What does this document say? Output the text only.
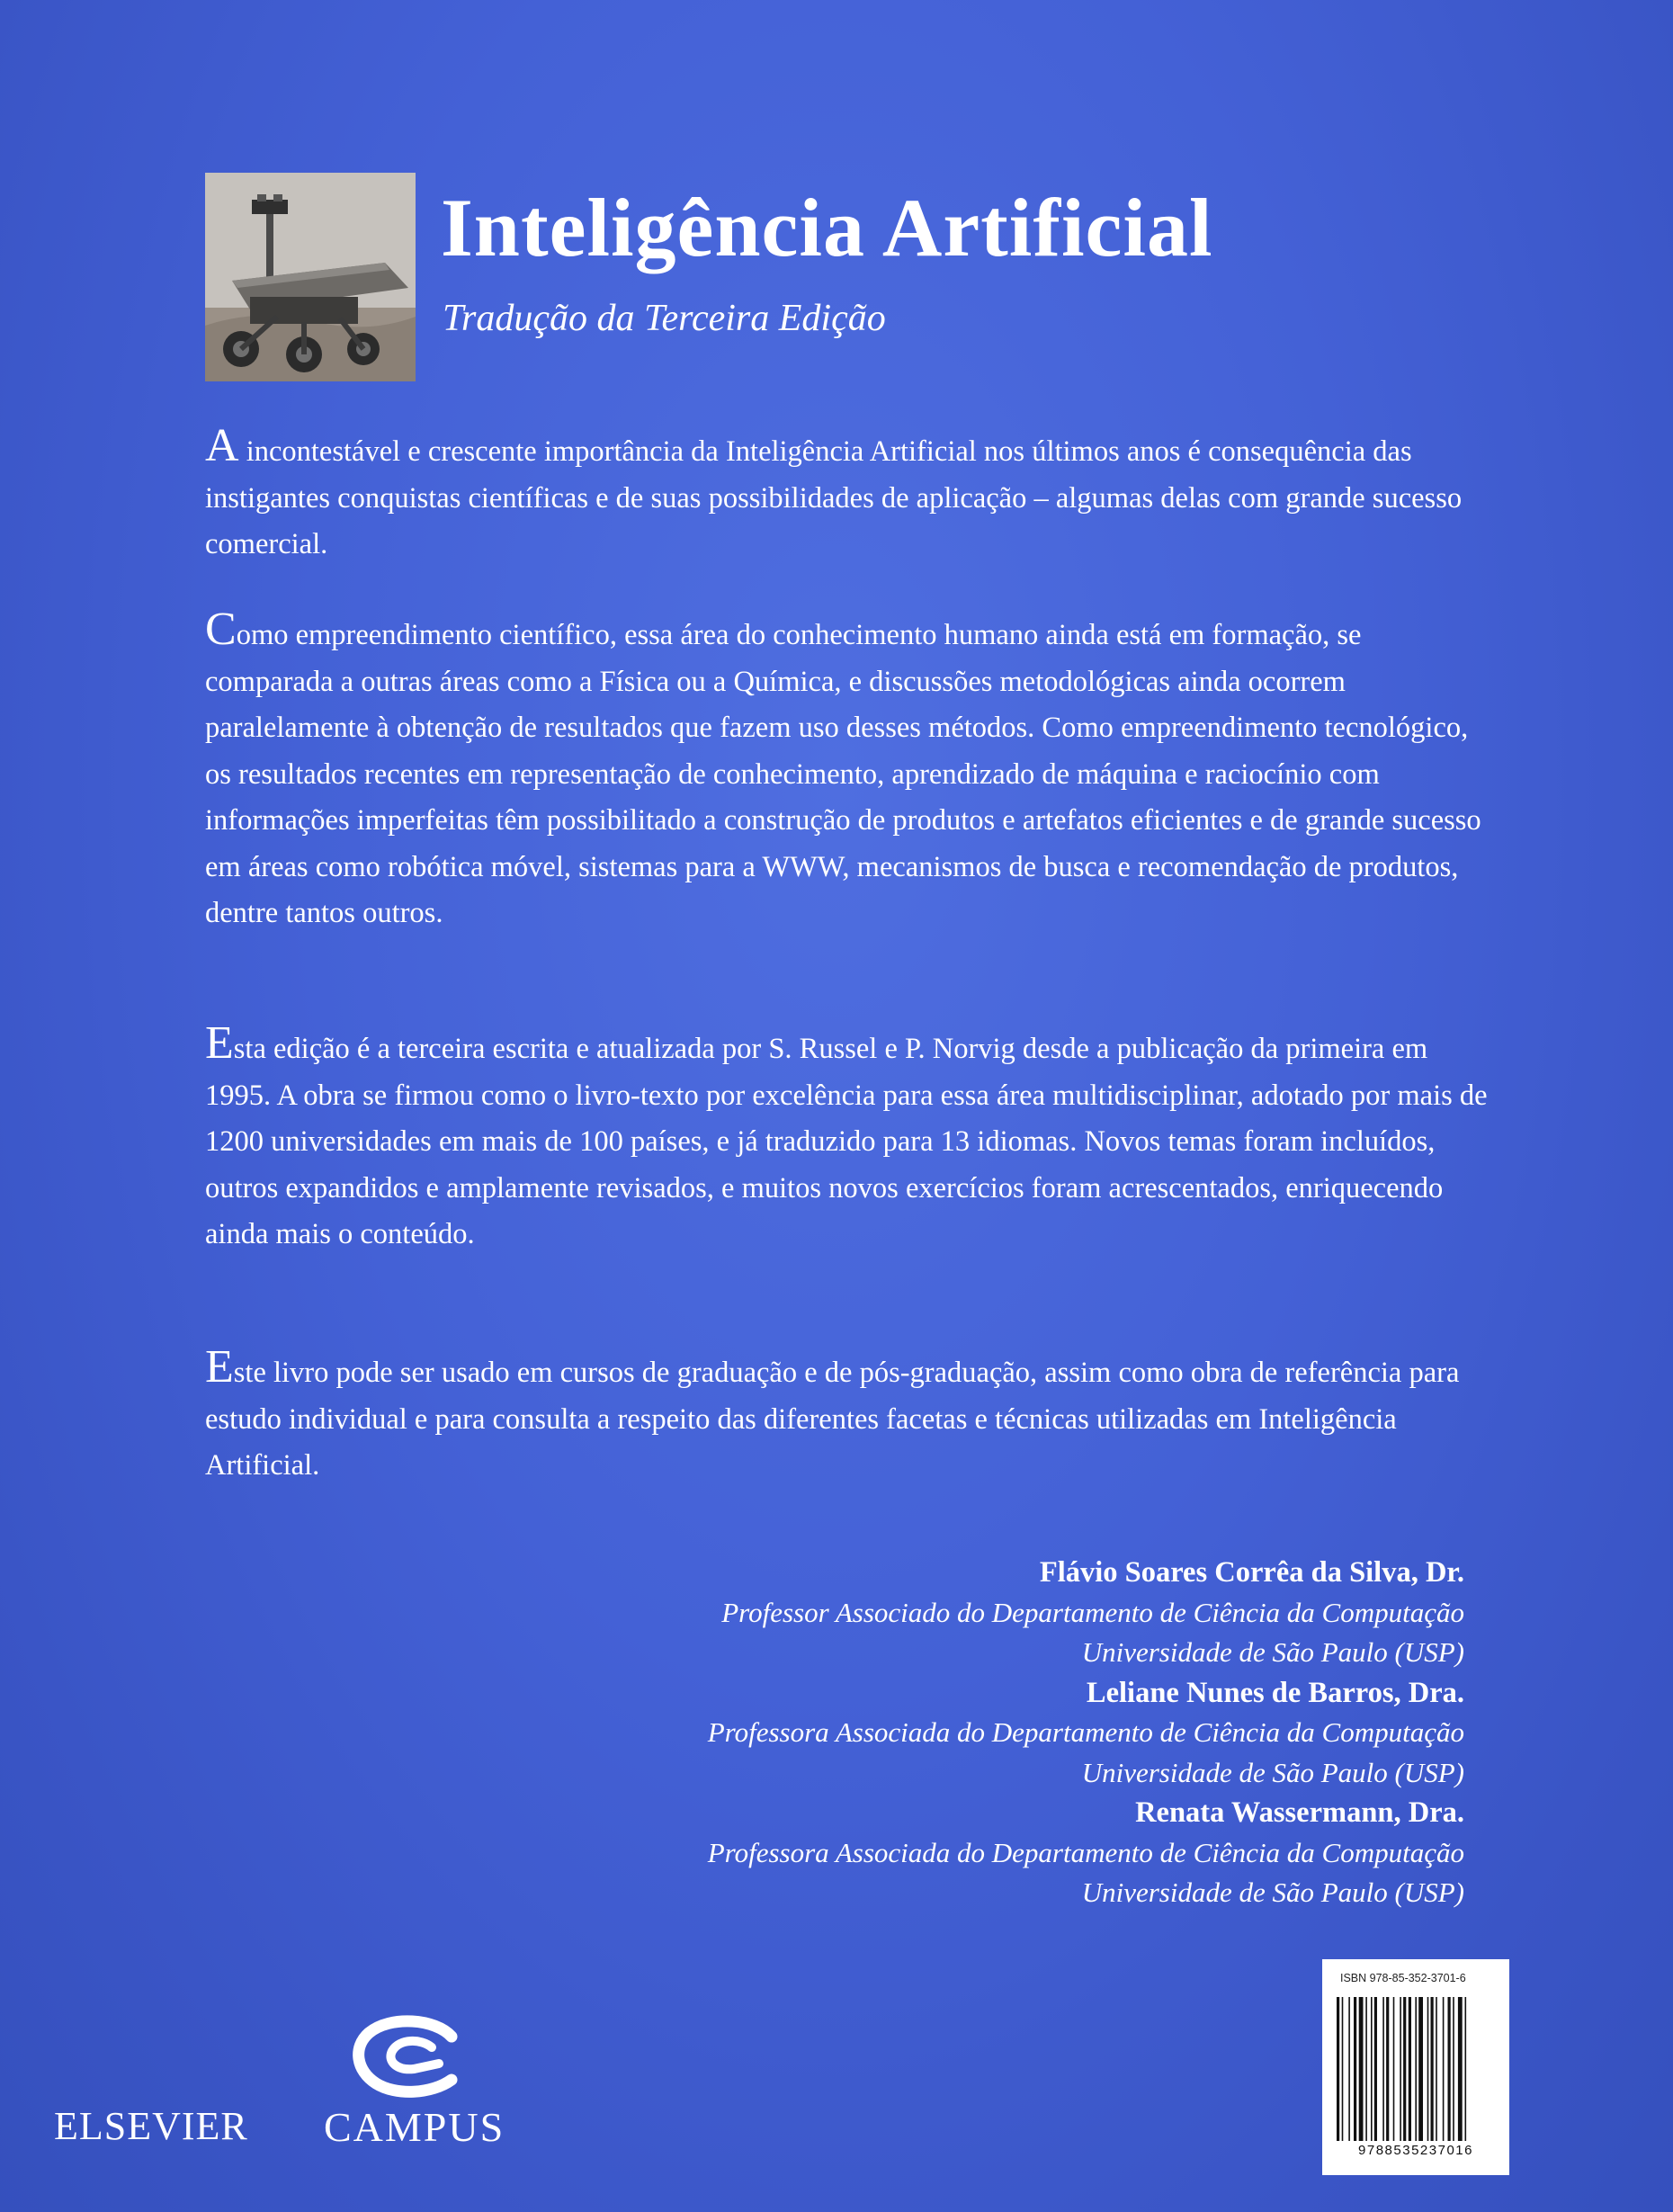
Inteligência Artificial
Tradução da Terceira Edição

A incontestável e crescente importância da Inteligência Artificial nos últimos anos é consequência das instigantes conquistas científicas e de suas possibilidades de aplicação – algumas delas com grande sucesso comercial.

Como empreendimento científico, essa área do conhecimento humano ainda está em formação, se comparada a outras áreas como a Física ou a Química, e discussões metodológicas ainda ocorrem paralelamente à obtenção de resultados que fazem uso desses métodos. Como empreendimento tecnológico, os resultados recentes em representação de conhecimento, aprendizado de máquina e raciocínio com informações imperfeitas têm possibilitado a construção de produtos e artefatos eficientes e de grande sucesso em áreas como robótica móvel, sistemas para a WWW, mecanismos de busca e recomendação de produtos, dentre tantos outros.

Esta edição é a terceira escrita e atualizada por S. Russel e P. Norvig desde a publicação da primeira em 1995. A obra se firmou como o livro-texto por excelência para essa área multidisciplinar, adotado por mais de 1200 universidades em mais de 100 países, e já traduzido para 13 idiomas. Novos temas foram incluídos, outros expandidos e amplamente revisados, e muitos novos exercícios foram acrescentados, enriquecendo ainda mais o conteúdo.

Este livro pode ser usado em cursos de graduação e de pós-graduação, assim como obra de referência para estudo individual e para consulta a respeito das diferentes facetas e técnicas utilizadas em Inteligência Artificial.

Flávio Soares Corrêa da Silva, Dr.
Professor Associado do Departamento de Ciência da Computação
Universidade de São Paulo (USP)
Leliane Nunes de Barros, Dra.
Professora Associada do Departamento de Ciência da Computação
Universidade de São Paulo (USP)
Renata Wassermann, Dra.
Professora Associada do Departamento de Ciência da Computação
Universidade de São Paulo (USP)
ELSEVIER CAMPUS
ISBN 978-85-352-3701-6
9788535237016
